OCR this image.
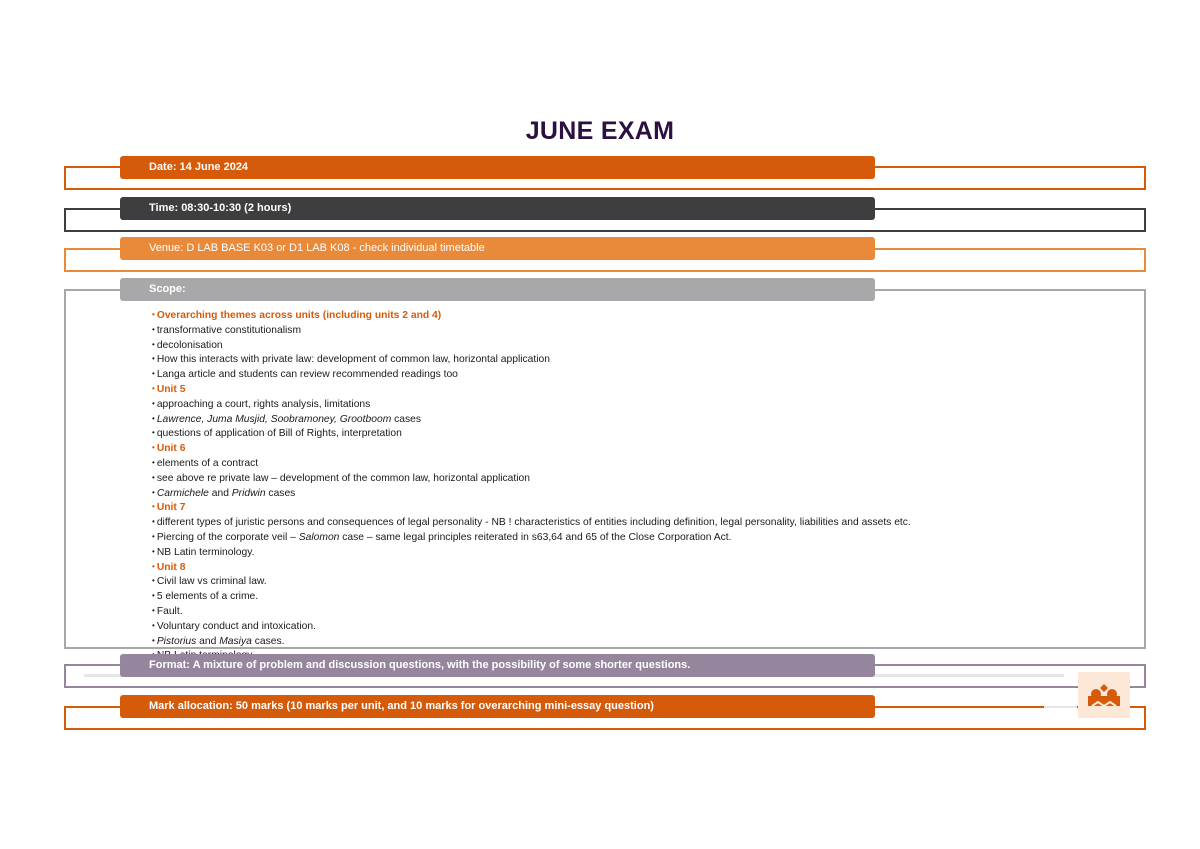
JUNE EXAM
Date: 14 June 2024
Time: 08:30-10:30 (2 hours)
Venue: D LAB BASE K03 or D1 LAB K08 - check individual timetable
Scope:
• Overarching themes across units (including units 2 and 4)
• transformative constitutionalism
• decolonisation
• How this interacts with private law: development of common law, horizontal application
• Langa article and students can review recommended readings too
• Unit 5
• approaching a court, rights analysis, limitations
• Lawrence, Juma Musjid, Soobramoney, Grootboom cases
• questions of application of Bill of Rights, interpretation
• Unit 6
• elements of a contract
• see above re private law – development of the common law, horizontal application
• Carmichele and Pridwin cases
• Unit 7
• different types of juristic persons and consequences of legal personality - NB ! characteristics of entities including definition, legal personality, liabilities and assets etc.
• Piercing of the corporate veil – Salomon case – same legal principles reiterated in s63,64 and 65 of the Close Corporation Act.
• NB Latin terminology.
• Unit 8
• Civil law vs criminal law.
• 5 elements of a crime.
• Fault.
• Voluntary conduct and intoxication.
• Pistorius and Masiya cases.
Format: A mixture of problem and discussion questions, with the possibility of some shorter questions.
Mark allocation: 50 marks (10 marks per unit, and 10 marks for overarching mini-essay question)
